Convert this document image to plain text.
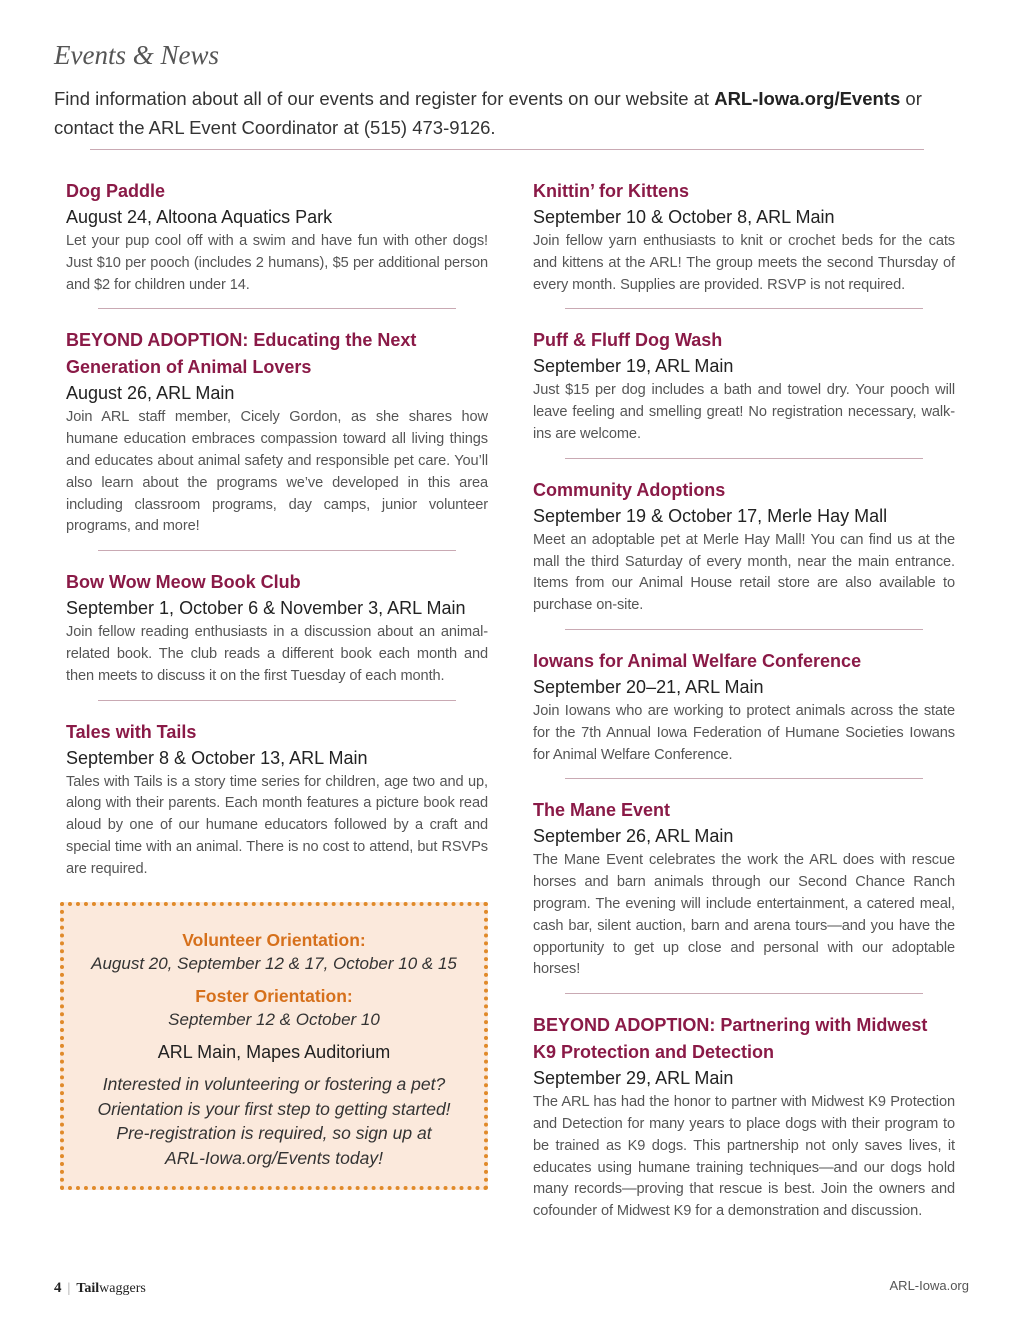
Events & News

Find information about all of our events and register for events on our website at ARL-Iowa.org/Events or contact the ARL Event Coordinator at (515) 473-9126.

Dog Paddle

August 24, Altoona Aquatics Park

Let your pup cool off with a swim and have fun with other dogs! Just $10 per pooch (includes 2 humans), $5 per additional person and $2 for children under 14.

BEYOND ADOPTION: Educating the Next Generation of Animal Lovers

August 26, ARL Main

Join ARL staff member, Cicely Gordon, as she shares how humane education embraces compassion toward all living things and educates about animal safety and responsible pet care. You’ll also learn about the programs we’ve developed in this area including classroom programs, day camps, junior volunteer programs, and more!

Bow Wow Meow Book Club

September 1, October 6 & November 3, ARL Main

Join fellow reading enthusiasts in a discussion about an animal-related book. The club reads a different book each month and then meets to discuss it on the first Tuesday of each month.

Tales with Tails

September 8 & October 13, ARL Main

Tales with Tails is a story time series for children, age two and up, along with their parents. Each month features a picture book read aloud by one of our humane educators followed by a craft and special time with an animal. There is no cost to attend, but RSVPs are required.

Knittin’ for Kittens

September 10 & October 8, ARL Main

Join fellow yarn enthusiasts to knit or crochet beds for the cats and kittens at the ARL! The group meets the second Thursday of every month. Supplies are provided. RSVP is not required.

Puff & Fluff Dog Wash

September 19, ARL Main

Just $15 per dog includes a bath and towel dry. Your pooch will leave feeling and smelling great! No registration necessary, walk-ins are welcome.

Community Adoptions

September 19 & October 17, Merle Hay Mall

Meet an adoptable pet at Merle Hay Mall! You can find us at the mall the third Saturday of every month, near the main entrance. Items from our Animal House retail store are also available to purchase on-site.

Iowans for Animal Welfare Conference

September 20–21, ARL Main

Join Iowans who are working to protect animals across the state for the 7th Annual Iowa Federation of Humane Societies Iowans for Animal Welfare Conference.

The Mane Event

September 26, ARL Main

The Mane Event celebrates the work the ARL does with rescue horses and barn animals through our Second Chance Ranch program. The evening will include entertainment, a catered meal, cash bar, silent auction, barn and arena tours—and you have the opportunity to get up close and personal with our adoptable horses!

BEYOND ADOPTION: Partnering with Midwest K9 Protection and Detection

September 29, ARL Main

The ARL has had the honor to partner with Midwest K9 Protection and Detection for many years to place dogs with their program to be trained as K9 dogs. This partnership not only saves lives, it educates using humane training techniques—and our dogs hold many records—proving that rescue is best. Join the owners and cofounder of Midwest K9 for a demonstration and discussion.

Volunteer Orientation:

August 20, September 12 & 17, October 10 & 15

Foster Orientation:

September 12 & October 10

ARL Main, Mapes Auditorium

Interested in volunteering or fostering a pet?
Orientation is your first step to getting started!
Pre-registration is required, so sign up at
ARL-Iowa.org/Events today!

4 | Tailwaggers	ARL-Iowa.org
